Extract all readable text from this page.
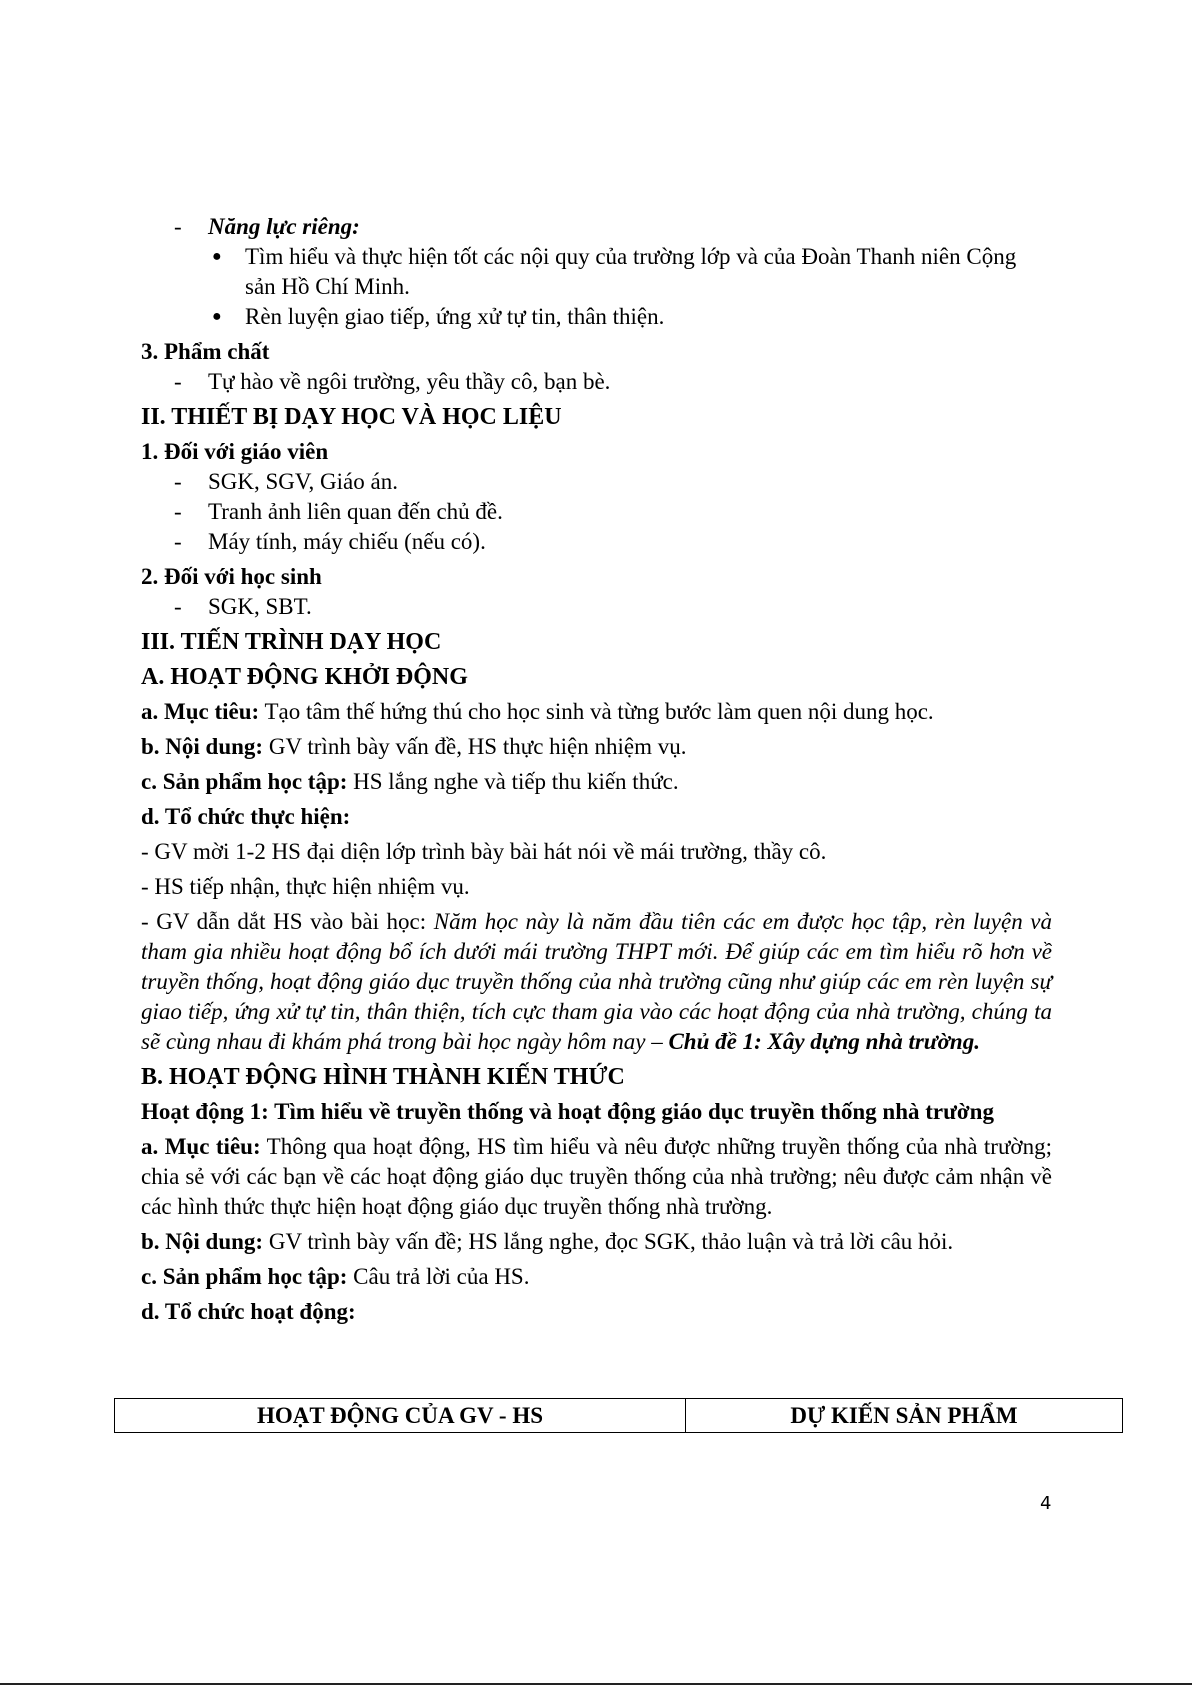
-	Năng lực riêng:
●	Tìm hiểu và thực hiện tốt các nội quy của trường lớp và của Đoàn Thanh niên Cộng sản Hồ Chí Minh.
●	Rèn luyện giao tiếp, ứng xử tự tin, thân thiện.
3. Phẩm chất
-	Tự hào về ngôi trường, yêu thầy cô, bạn bè.
II. THIẾT BỊ DẠY HỌC VÀ HỌC LIỆU
1. Đối với giáo viên
-	SGK, SGV, Giáo án.
-	Tranh ảnh liên quan đến chủ đề.
-	Máy tính, máy chiếu (nếu có).
2. Đối với học sinh
-	SGK, SBT.
III. TIẾN TRÌNH DẠY HỌC
A. HOẠT ĐỘNG KHỞI ĐỘNG
a. Mục tiêu: Tạo tâm thế hứng thú cho học sinh và từng bước làm quen nội dung học.
b. Nội dung: GV trình bày vấn đề, HS thực hiện nhiệm vụ.
c. Sản phẩm học tập: HS lắng nghe và tiếp thu kiến thức.
d. Tổ chức thực hiện:
- GV mời 1-2 HS đại diện lớp trình bày bài hát nói về mái trường, thầy cô.
- HS tiếp nhận, thực hiện nhiệm vụ.
- GV dẫn dắt HS vào bài học: Năm học này là năm đầu tiên các em được học tập, rèn luyện và tham gia nhiều hoạt động bổ ích dưới mái trường THPT mới. Để giúp các em tìm hiểu rõ hơn về truyền thống, hoạt động giáo dục truyền thống của nhà trường cũng như giúp các em rèn luyện sự giao tiếp, ứng xử tự tin, thân thiện, tích cực tham gia vào các hoạt động của nhà trường, chúng ta sẽ cùng nhau đi khám phá trong bài học ngày hôm nay – Chủ đề 1: Xây dựng nhà trường.
B. HOẠT ĐỘNG HÌNH THÀNH KIẾN THỨC
Hoạt động 1: Tìm hiểu về truyền thống và hoạt động giáo dục truyền thống nhà trường
a. Mục tiêu: Thông qua hoạt động, HS tìm hiểu và nêu được những truyền thống của nhà trường; chia sẻ với các bạn về các hoạt động giáo dục truyền thống của nhà trường; nêu được cảm nhận về các hình thức thực hiện hoạt động giáo dục truyền thống nhà trường.
b. Nội dung: GV trình bày vấn đề; HS lắng nghe, đọc SGK, thảo luận và trả lời câu hỏi.
c. Sản phẩm học tập: Câu trả lời của HS.
d. Tổ chức hoạt động:
HOẠT ĐỘNG CỦA GV - HS	DỰ KIẾN SẢN PHẨM
4
